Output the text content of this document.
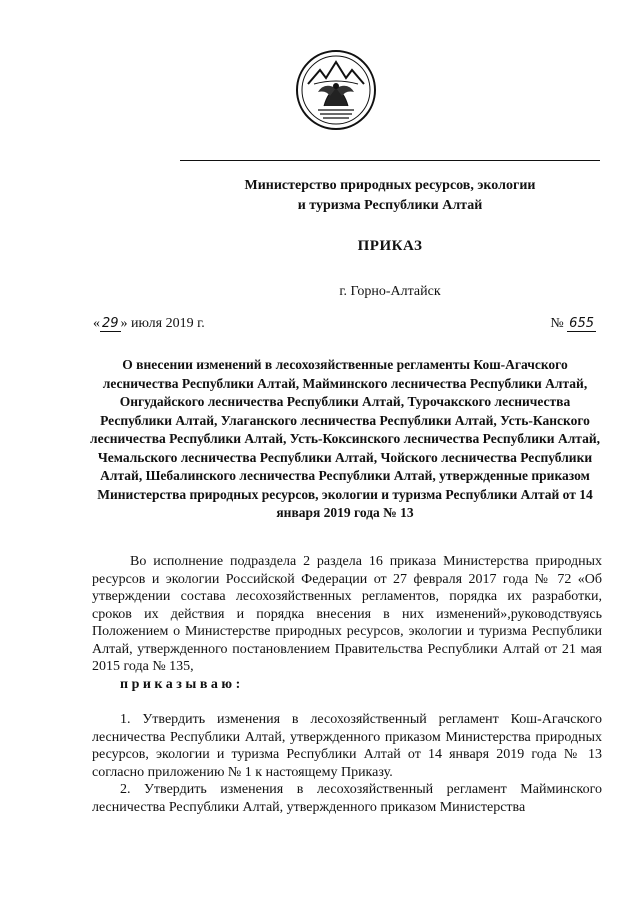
Министерство природных ресурсов, экологии
и туризма Республики Алтай
ПРИКАЗ
г. Горно-Алтайск
« 29 » июля 2019 г.	№ 655
О внесении изменений в лесохозяйственные регламенты Кош-Агачского лесничества Республики Алтай, Майминского лесничества Республики Алтай, Онгудайского лесничества Республики Алтай, Турочакского лесничества Республики Алтай, Улаганского лесничества Республики Алтай, Усть-Канского лесничества Республики Алтай, Усть-Коксинского лесничества Республики Алтай, Чемальского лесничества Республики Алтай, Чойского лесничества Республики Алтай, Шебалинского лесничества Республики Алтай, утвержденные приказом Министерства природных ресурсов, экологии и туризма Республики Алтай от 14 января 2019 года № 13

Во исполнение подраздела 2 раздела 16 приказа Министерства природных ресурсов и экологии Российской Федерации от 27 февраля 2017 года № 72 «Об утверждении состава лесохозяйственных регламентов, порядка их разработки, сроков их действия и порядка внесения в них изменений»,руководствуясь Положением о Министерстве природных ресурсов, экологии и туризма Республики Алтай, утвержденного постановлением Правительства Республики Алтай от 21 мая 2015 года № 135,

приказываю:

1. Утвердить изменения в лесохозяйственный регламент Кош-Агачского лесничества Республики Алтай, утвержденного приказом Министерства природных ресурсов, экологии и туризма Республики Алтай от 14 января 2019 года № 13 согласно приложению № 1 к настоящему Приказу.

2. Утвердить изменения в лесохозяйственный регламент Майминского лесничества Республики Алтай, утвержденного приказом Министерства
